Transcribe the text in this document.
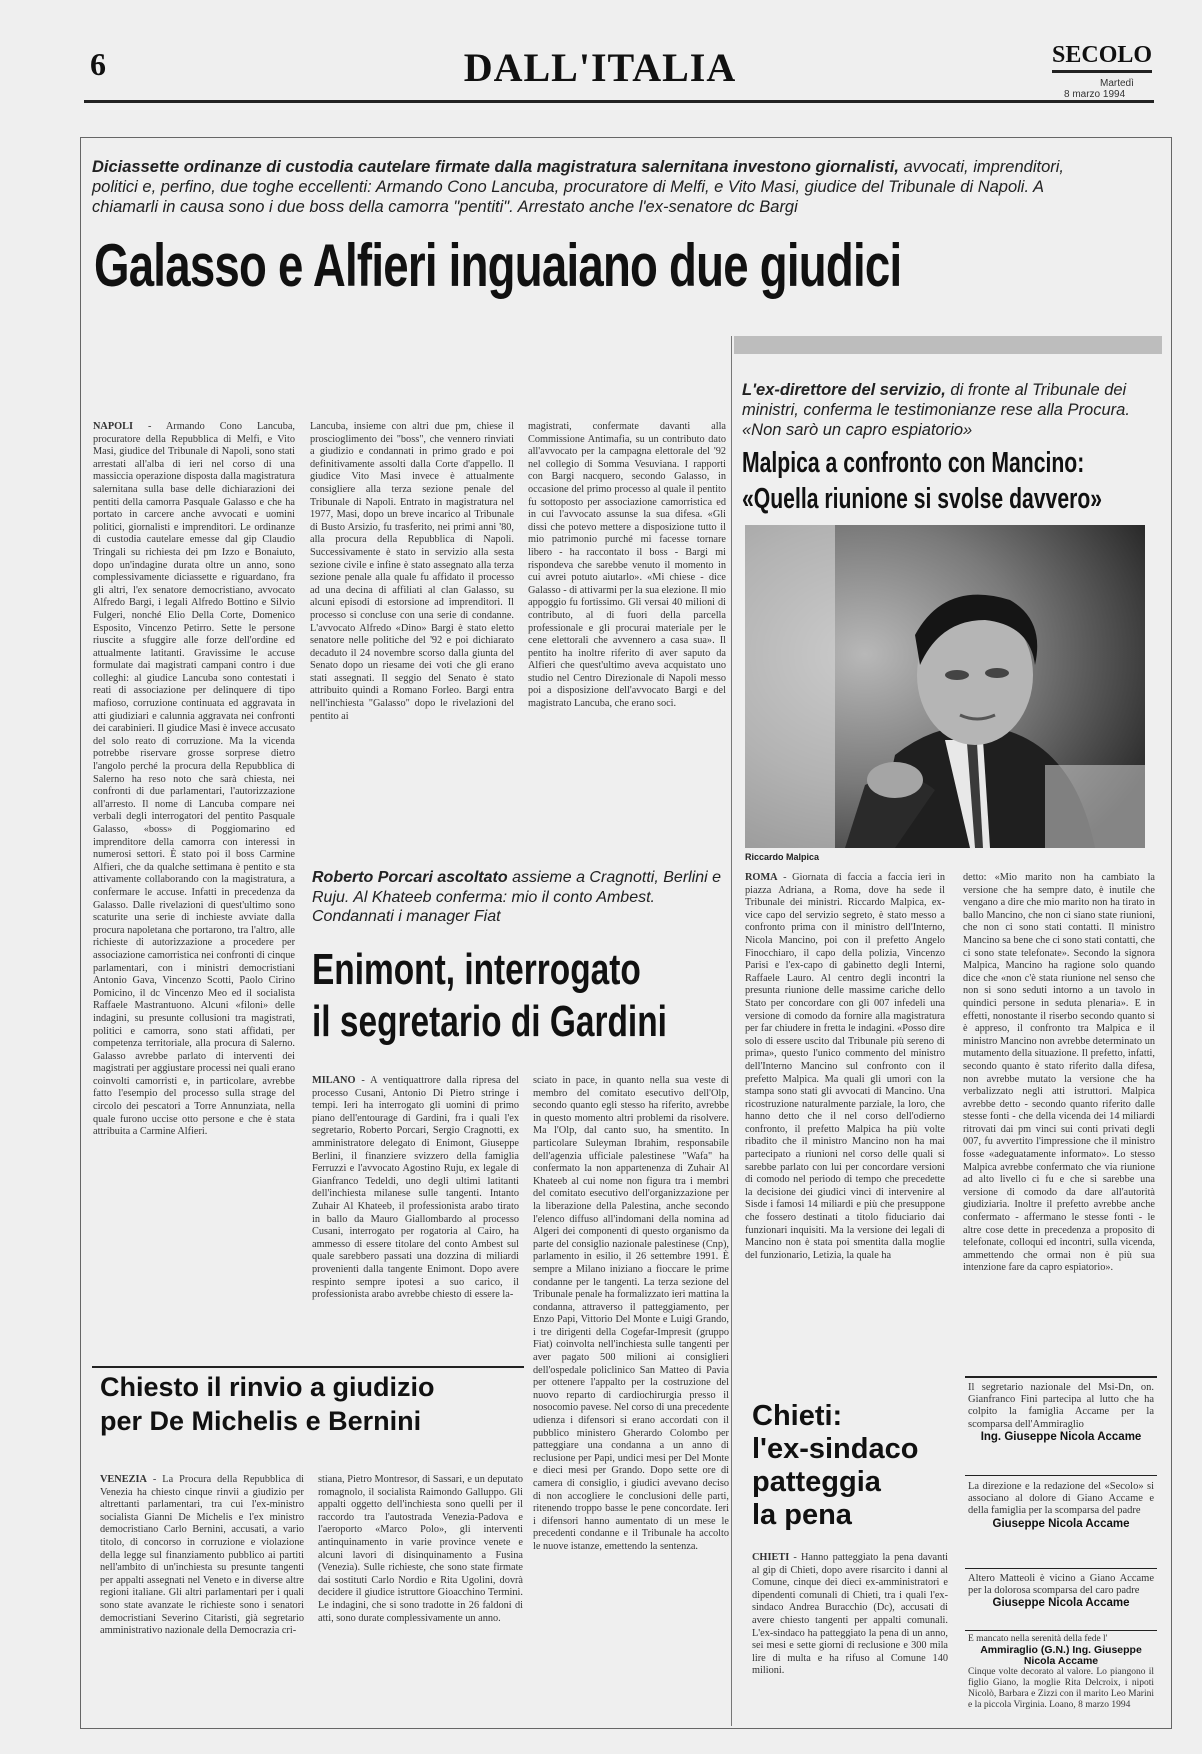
6	DALL'ITALIA	SECOLO
Martedì
8 marzo 1994
Diciassette ordinanze di custodia cautelare firmate dalla magistratura salernitana investono giornalisti, avvocati, imprenditori, politici e, perfino, due toghe eccellenti: Armando Cono Lancuba, procuratore di Melfi, e Vito Masi, giudice del Tribunale di Napoli. A chiamarli in causa sono i due boss della camorra "pentiti". Arrestato anche l'ex-senatore dc Bargi
Galasso e Alfieri inguaiano due giudici
NAPOLI - Armando Cono Lancuba, procuratore della Repubblica di Melfi, e Vito Masi, giudice del Tribunale di Napoli, sono stati arrestati all'alba di ieri nel corso di una massiccia operazione disposta dalla magistratura salernitana sulla base delle dichiarazioni dei pentiti della camorra Pasquale Galasso e che ha portato in carcere anche avvocati e uomini politici, giornalisti e imprenditori. Le ordinanze di custodia cautelare emesse dal gip Claudio Tringali su richiesta dei pm Izzo e Bonaiuto, dopo un'indagine durata oltre un anno, sono complessivamente diciassette e riguardano, fra gli altri, l'ex senatore democristiano, avvocato Alfredo Bargi, i legali Alfredo Bottino e Silvio Fulgeri, nonché Elio Della Corte, Domenico Esposito, Vincenzo Petirro. Sette le persone riuscite a sfuggire alle forze dell'ordine ed attualmente latitanti. Gravissime le accuse formulate dai magistrati campani contro i due colleghi: al giudice Lancuba sono contestati i reati di associazione per delinquere di tipo mafioso, corruzione continuata ed aggravata in atti giudiziari e calunnia aggravata nei confronti dei carabinieri. Il giudice Masi è invece accusato del solo reato di corruzione. Ma la vicenda potrebbe riservare grosse sorprese dietro l'angolo perché la procura della Repubblica di Salerno ha reso noto che sarà chiesta, nei confronti di due parlamentari, l'autorizzazione all'arresto. Il nome di Lancuba compare nei verbali degli interrogatori del pentito Pasquale Galasso, «boss» di Poggiomarino ed imprenditore della camorra con interessi in numerosi settori. È stato poi il boss Carmine Alfieri, che da qualche settimana è pentito e sta attivamente collaborando con la magistratura, a confermare le accuse. Infatti in precedenza da Galasso. Dalle rivelazioni di quest'ultimo sono scaturite una serie di inchieste avviate dalla procura napoletana che portarono, tra l'altro, alle richieste di autorizzazione a procedere per associazione camorristica nei confronti di cinque parlamentari, con i ministri democristiani Antonio Gava, Vincenzo Scotti, Paolo Cirino Pomicino, il dc Vincenzo Meo ed il socialista Raffaele Mastrantuono. Alcuni «filoni» delle indagini, su presunte collusioni tra magistrati, politici e camorra, sono stati affidati, per competenza territoriale, alla procura di Salerno. Galasso avrebbe parlato di interventi dei magistrati per aggiustare processi nei quali erano coinvolti camorristi e, in particolare, avrebbe fatto l'esempio del processo sulla strage del circolo dei pescatori a Torre Annunziata, nella quale furono uccise otto persone e che è stata attribuita a Carmine Alfieri.
Lancuba, insieme con altri due pm, chiese il proscioglimento dei "boss", che vennero rinviati a giudizio e condannati in primo grado e poi definitivamente assolti dalla Corte d'appello. Il giudice Vito Masi invece è attualmente consigliere alla terza sezione penale del Tribunale di Napoli. Entrato in magistratura nel 1977, Masi, dopo un breve incarico al Tribunale di Busto Arsizio, fu trasferito, nei primi anni '80, alla procura della Repubblica di Napoli. Successivamente è stato in servizio alla sesta sezione civile e infine è stato assegnato alla terza sezione penale alla quale fu affidato il processo ad una decina di affiliati al clan Galasso, su alcuni episodi di estorsione ad imprenditori. Il processo si concluse con una serie di condanne. L'avvocato Alfredo «Dino» Bargi è stato eletto senatore nelle politiche del '92 e poi dichiarato decaduto il 24 novembre scorso dalla giunta del Senato dopo un riesame dei voti che gli erano stati assegnati. Il seggio del Senato è stato attribuito quindi a Romano Forleo. Bargi entra nell'inchiesta "Galasso" dopo le rivelazioni del pentito ai
magistrati, confermate davanti alla Commissione Antimafia, su un contributo dato all'avvocato per la campagna elettorale del '92 nel collegio di Somma Vesuviana. I rapporti con Bargi nacquero, secondo Galasso, in occasione del primo processo al quale il pentito fu sottoposto per associazione camorristica ed in cui l'avvocato assunse la sua difesa. «Gli dissi che potevo mettere a disposizione tutto il mio patrimonio purché mi facesse tornare libero - ha raccontato il boss - Bargi mi rispondeva che sarebbe venuto il momento in cui avrei potuto aiutarlo». «Mi chiese - dice Galasso - di attivarmi per la sua elezione. Il mio appoggio fu fortissimo. Gli versai 40 milioni di contributo, al di fuori della parcella professionale e gli procurai materiale per le cene elettorali che avvennero a casa sua». Il pentito ha inoltre riferito di aver saputo da Alfieri che quest'ultimo aveva acquistato uno studio nel Centro Direzionale di Napoli messo poi a disposizione dell'avvocato Bargi e del magistrato Lancuba, che erano soci.
L'ex-direttore del servizio, di fronte al Tribunale dei ministri, conferma le testimonianze rese alla Procura. «Non sarò un capro espiatorio»
Malpica a confronto con Mancino:
«Quella riunione si svolse davvero»
Riccardo Malpica
ROMA - Giornata di faccia a faccia ieri in piazza Adriana, a Roma, dove ha sede il Tribunale dei ministri. Riccardo Malpica, ex-vice capo del servizio segreto, è stato messo a confronto prima con il ministro dell'Interno, Nicola Mancino, poi con il prefetto Angelo Finocchiaro, il capo della polizia, Vincenzo Parisi e l'ex-capo di gabinetto degli Interni, Raffaele Lauro. Al centro degli incontri la presunta riunione delle massime cariche dello Stato per concordare con gli 007 infedeli una versione di comodo da fornire alla magistratura per far chiudere in fretta le indagini. «Posso dire solo di essere uscito dal Tribunale più sereno di prima», questo l'unico commento del ministro dell'Interno Mancino sul confronto con il prefetto Malpica. Ma quali gli umori con la stampa sono stati gli avvocati di Mancino. Una ricostruzione naturalmente parziale, la loro, che hanno detto che il nel corso dell'odierno confronto, il prefetto Malpica ha più volte ribadito che il ministro Mancino non ha mai partecipato a riunioni nel corso delle quali si sarebbe parlato con lui per concordare versioni di comodo nel periodo di tempo che precedette la decisione dei giudici vinci di intervenire al Sisde i famosi 14 miliardi e più che presuppone che fossero destinati a titolo fiduciario dai funzionari inquisiti. Ma la versione dei legali di Mancino non è stata poi smentita dalla moglie del funzionario, Letizia, la quale ha
detto: «Mio marito non ha cambiato la versione che ha sempre dato, è inutile che vengano a dire che mio marito non ha tirato in ballo Mancino, che non ci siano state riunioni, che non ci sono stati contatti. Il ministro Mancino sa bene che ci sono stati contatti, che ci sono state telefonate». Secondo la signora Malpica, Mancino ha ragione solo quando dice che «non c'è stata riunione nel senso che non si sono seduti intorno a un tavolo in quindici persone in seduta plenaria». E in effetti, nonostante il riserbo secondo quanto si è appreso, il confronto tra Malpica e il ministro Mancino non avrebbe determinato un mutamento della situazione. Il prefetto, infatti, secondo quanto è stato riferito dalla difesa, non avrebbe mutato la versione che ha verbalizzato negli atti istruttori. Malpica avrebbe detto - secondo quanto riferito dalle stesse fonti - che della vicenda dei 14 miliardi ritrovati dai pm vinci sui conti privati degli 007, fu avvertito l'impressione che il ministro fosse «adeguatamente informato». Lo stesso Malpica avrebbe confermato che via riunione ad alto livello ci fu e che si sarebbe una versione di comodo da dare all'autorità giudiziaria. Inoltre il prefetto avrebbe anche confermato - affermano le stesse fonti - le altre cose dette in precedenza a proposito di telefonate, colloqui ed incontri, sulla vicenda, ammettendo che ormai non è più sua intenzione fare da capro espiatorio».
Roberto Porcari ascoltato assieme a Cragnotti, Berlini e Ruju. Al Khateeb conferma: mio il conto Ambest. Condannati i manager Fiat
Enimont, interrogato
il segretario di Gardini
MILANO - A ventiquattrore dalla ripresa del processo Cusani, Antonio Di Pietro stringe i tempi. Ieri ha interrogato gli uomini di primo piano dell'entourage di Gardini, fra i quali l'ex segretario, Roberto Porcari, Sergio Cragnotti, ex amministratore delegato di Enimont, Giuseppe Berlini, il finanziere svizzero della famiglia Ferruzzi e l'avvocato Agostino Ruju, ex legale di Gianfranco Tedeldi, uno degli ultimi latitanti dell'inchiesta milanese sulle tangenti. Intanto Zuhair Al Khateeb, il professionista arabo tirato in ballo da Mauro Giallombardo al processo Cusani, interrogato per rogatoria al Cairo, ha ammesso di essere titolare del conto Ambest sul quale sarebbero passati una dozzina di miliardi provenienti dalla tangente Enimont. Dopo avere respinto sempre ipotesi a suo carico, il professionista arabo avrebbe chiesto di essere la-
sciato in pace, in quanto nella sua veste di membro del comitato esecutivo dell'Olp, secondo quanto egli stesso ha riferito, avrebbe in questo momento altri problemi da risolvere. Ma l'Olp, dal canto suo, ha smentito. In particolare Suleyman Ibrahim, responsabile dell'agenzia ufficiale palestinese "Wafa" ha confermato la non appartenenza di Zuhair Al Khateeb al cui nome non figura tra i membri del comitato esecutivo dell'organizzazione per la liberazione della Palestina, anche secondo l'elenco diffuso all'indomani della nomina ad Algeri dei componenti di questo organismo da parte del consiglio nazionale palestinese (Cnp), parlamento in esilio, il 26 settembre 1991. È sempre a Milano iniziano a fioccare le prime condanne per le tangenti. La terza sezione del Tribunale penale ha formalizzato ieri mattina la condanna, attraverso il patteggiamento, per Enzo Papi, Vittorio Del Monte e Luigi Grando, i tre dirigenti della Cogefar-Impresit (gruppo Fiat) coinvolta nell'inchiesta sulle tangenti per aver pagato 500 milioni ai consiglieri dell'ospedale policlinico San Matteo di Pavia per ottenere l'appalto per la costruzione del nuovo reparto di cardiochirurgia presso il nosocomio pavese. Nel corso di una precedente udienza i difensori si erano accordati con il pubblico ministero Gherardo Colombo per patteggiare una condanna a un anno di reclusione per Papi, undici mesi per Del Monte e dieci mesi per Grando. Dopo sette ore di camera di consiglio, i giudici avevano deciso di non accogliere le conclusioni delle parti, ritenendo troppo basse le pene concordate. Ieri i difensori hanno aumentato di un mese le precedenti condanne e il Tribunale ha accolto le nuove istanze, emettendo la sentenza.
Chiesto il rinvio a giudizio
per De Michelis e Bernini
VENEZIA - La Procura della Repubblica di Venezia ha chiesto cinque rinvii a giudizio per altrettanti parlamentari, tra cui l'ex-ministro socialista Gianni De Michelis e l'ex ministro democristiano Carlo Bernini, accusati, a vario titolo, di concorso in corruzione e violazione della legge sul finanziamento pubblico ai partiti nell'ambito di un'inchiesta su presunte tangenti per appalti assegnati nel Veneto e in diverse altre regioni italiane. Gli altri parlamentari per i quali sono state avanzate le richieste sono i senatori democristiani Severino Citaristi, già segretario amministrativo nazionale della Democrazia cri-
stiana, Pietro Montresor, di Sassari, e un deputato romagnolo, il socialista Raimondo Galluppo. Gli appalti oggetto dell'inchiesta sono quelli per il raccordo tra l'autostrada Venezia-Padova e l'aeroporto «Marco Polo», gli interventi antinquinamento in varie province venete e alcuni lavori di disinquinamento a Fusina (Venezia). Sulle richieste, che sono state firmate dai sostituti Carlo Nordio e Rita Ugolini, dovrà decidere il giudice istruttore Gioacchino Termini. Le indagini, che si sono tradotte in 26 faldoni di atti, sono durate complessivamente un anno.
Chieti:
l'ex-sindaco
patteggia
la pena
CHIETI - Hanno patteggiato la pena davanti al gip di Chieti, dopo avere risarcito i danni al Comune, cinque dei dieci ex-amministratori e dipendenti comunali di Chieti, tra i quali l'ex-sindaco Andrea Buracchio (Dc), accusati di avere chiesto tangenti per appalti comunali. L'ex-sindaco ha patteggiato la pena di un anno, sei mesi e sette giorni di reclusione e 300 mila lire di multa e ha rifuso al Comune 140 milioni.
Il segretario nazionale del Msi-Dn, on. Gianfranco Fini partecipa al lutto che ha colpito la famiglia Accame per la scomparsa dell'Ammiraglio
Ing. Giuseppe Nicola Accame
La direzione e la redazione del «Secolo» si associano al dolore di Giano Accame e della famiglia per la scomparsa del padre
Giuseppe Nicola Accame
Altero Matteoli è vicino a Giano Accame per la dolorosa scomparsa del caro padre
Giuseppe Nicola Accame
È mancato nella serenità della fede l'
Ammiraglio (G.N.) Ing. Giuseppe Nicola Accame
Cinque volte decorato al valore. Lo piangono il figlio Giano, la moglie Rita Delcroix, i nipoti Nicolò, Barbara e Zizzi con il marito Leo Marini e la piccola Virginia. Loano, 8 marzo 1994
